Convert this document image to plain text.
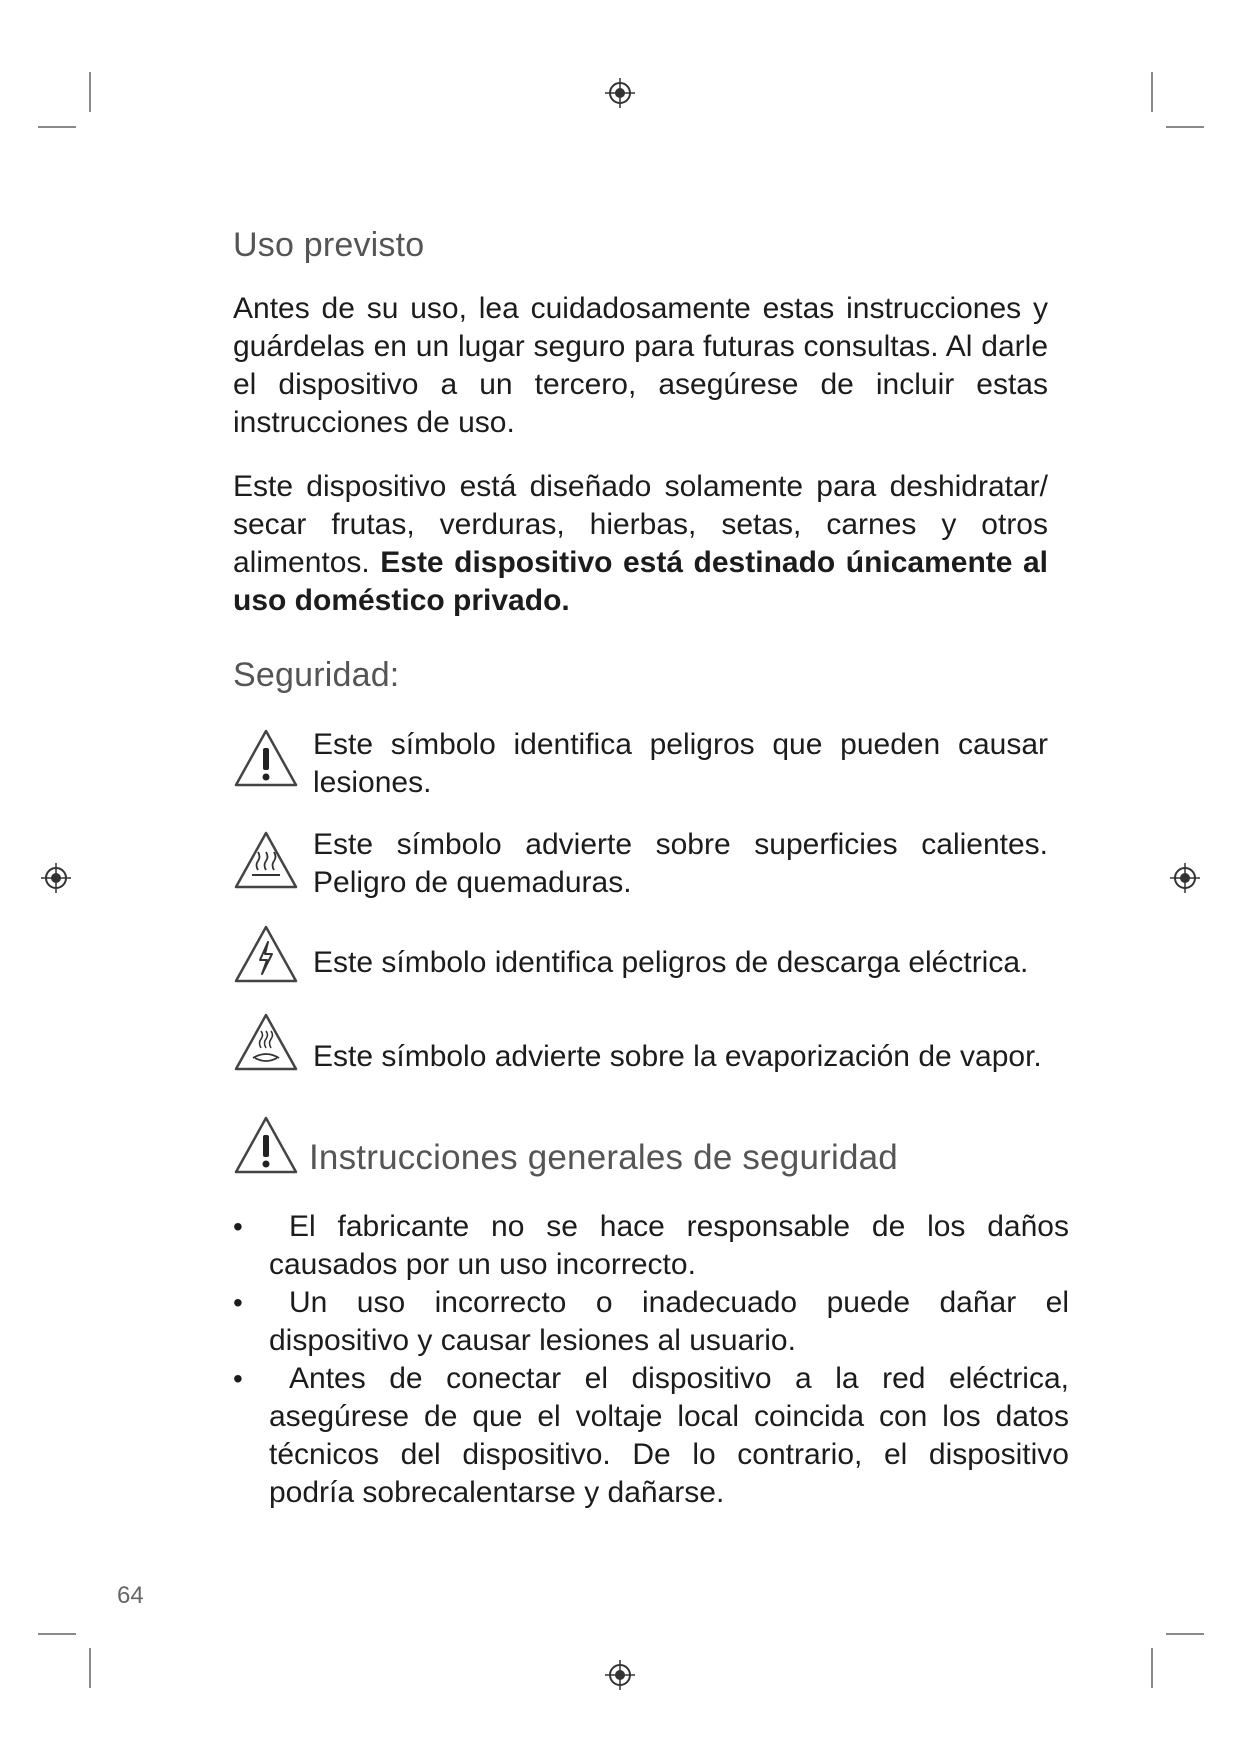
Uso previsto

Antes de su uso, lea cuidadosamente estas instrucciones y guárdelas en un lugar seguro para futuras consultas. Al darle el dispositivo a un tercero, asegúrese de incluir estas instrucciones de uso.

Este dispositivo está diseñado solamente para deshidratar/ secar frutas, verduras, hierbas, setas, carnes y otros alimentos. Este dispositivo está destinado únicamente al uso doméstico privado.

Seguridad:

Este símbolo identifica peligros que pueden causar lesiones.

Este símbolo advierte sobre superficies calientes. Peligro de quemaduras.

Este símbolo identifica peligros de descarga eléctrica.

Este símbolo advierte sobre la evaporización de vapor.

Instrucciones generales de seguridad
•	El fabricante no se hace responsable de los daños causados por un uso incorrecto.
•	Un uso incorrecto o inadecuado puede dañar el dispositivo y causar lesiones al usuario.
•	Antes de conectar el dispositivo a la red eléctrica, asegúrese de que el voltaje local coincida con los datos técnicos del dispositivo. De lo contrario, el dispositivo podría sobrecalentarse y dañarse.
64
